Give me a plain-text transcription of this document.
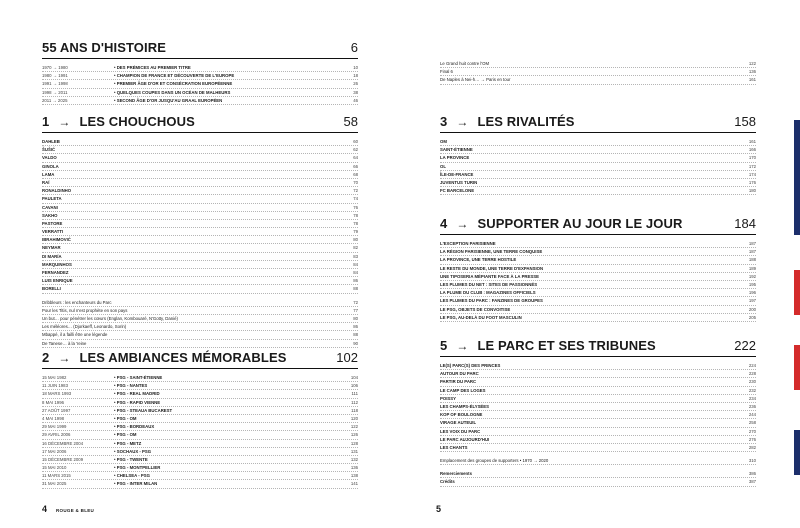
55 ANS D'HISTOIRE	6
1970 → 1980	• DES PRÉMICES AU PREMIER TITRE	10
1980 → 1991	• CHAMPION DE FRANCE ET DÉCOUVERTE DE L'EUROPE	18
1991 → 1998	• PREMIER ÂGE D'OR ET CONSÉCRATION EUROPÉENNE	26
1998 → 2011	• QUELQUES COUPES DANS UN OCÉAN DE MALHEURS	38
2011 → 2025	• SECOND ÂGE D'OR JUSQU'AU GRAAL EUROPÉEN	46
1 → LES CHOUCHOUS	58
DAHLEB	60
ŠUŠIĆ	62
VALDO	64
GINOLA	66
LAMA	68
RAÍ	70
RONALDINHO	72
PAULETA	74
CAVANI	76
SAKHO	78
PASTORE	78
VERRATTI	79
IBRAHIMOVIĆ	80
NEYMAR	82
DI MARÍA	83
MARQUINHOS	84
FERNANDEZ	84
LUIS ENRIQUE	86
BORELLI	88
Dribbleurs : les enchanteurs du Parc	72
Pour les Titis, nul n'est prophète en son pays	77
Un but… pour pénétrer les cœurs (Englan, Kombouaré, N'Gotty, Danié)	80
Les méléores… (Djorkaeff, Leonardo, Sorin)	86
Mbappé, il a failli être une légende	88
De Tanese… à la 'reine	90
2 → LES AMBIANCES MÉMORABLES	102
15 MAI 1982	• PSG - SAINT-ÉTIENNE	104
11 JUIN 1983	• PSG - NANTES	106
18 MARS 1993	• PSG - REAL MADRID	111
8 MAI 1996	• PSG - RAPID VIENNE	112
27 AOÛT 1997	• PSG - STEAUA BUCAREST	118
4 MAI 1998	• PSG - OM	120
29 MAI 1999	• PSG - BORDEAUX	122
29 AVRIL 2006	• PSG - OM	126
16 DÉCEMBRE 2004	• PSG - METZ	128
17 MAI 2006	• SOCHAUX - PSG	131
15 DÉCEMBRE 2009	• PSG - TWENTE	132
15 MAI 2010	• PSG - MONTPELLIER	136
11 MARS 2015	• CHELSEA - PSG	138
31 MAI 2025	• PSG - INTER MILAN	141
4 ROUGE & BLEU
Le Grand huit contre l'OM	122
Final 6	136
De Naples à Nei-h… → Paris en tour	161
3 → LES RIVALITÉS	158
OM	161
SAINT-ÉTIENNE	166
LA PROVINCE	170
OL	172
ÎLE-DE-FRANCE	174
JUVENTUS TURIN	176
FC BARCELONE	180
4 → SUPPORTER AU JOUR LE JOUR	184
L'EXCEPTION PARISIENNE	187
LA RÉGION PARISIENNE, UNE TERRE CONQUISE	187
LA PROVINCE, UNE TERRE HOSTILE	188
LE RESTE DU MONDE, UNE TERRE D'EXPANSION	189
UNE TIPOSERIA MÉPIANTE FACE À LA PRESSE	192
LES PLUMES DU NET : SITES DE PASSIONNÉS	195
LA PLUME DU CLUB : MAGAZINES OFFICIELS	196
LES PLUMES DU PARC : FANZINES DE GROUPES	197
LE PSG, OBJETS DE CONVOITISE	200
LE PSG, AU-DELÀ DU FOOT MASCULIN	205
5 → LE PARC ET SES TRIBUNES	222
LE(S) PARC(S) DES PRINCES	224
AUTOUR DU PARC	228
PARTIR DU PARC	230
LE CAMP DES LOGES	232
POISSY	234
LES CHAMPS-ÉLYSÉES	236
KOP OF BOULOGNE	244
VIRAGE AUTEUIL	258
LES VOIX DU PARC	270
LE PARC AUJOURD'HUI	276
LES CHANTS	282
Emplacement des groupes de supporters • 1970 → 2020	310
Remerciements	386
Crédits	387
5
